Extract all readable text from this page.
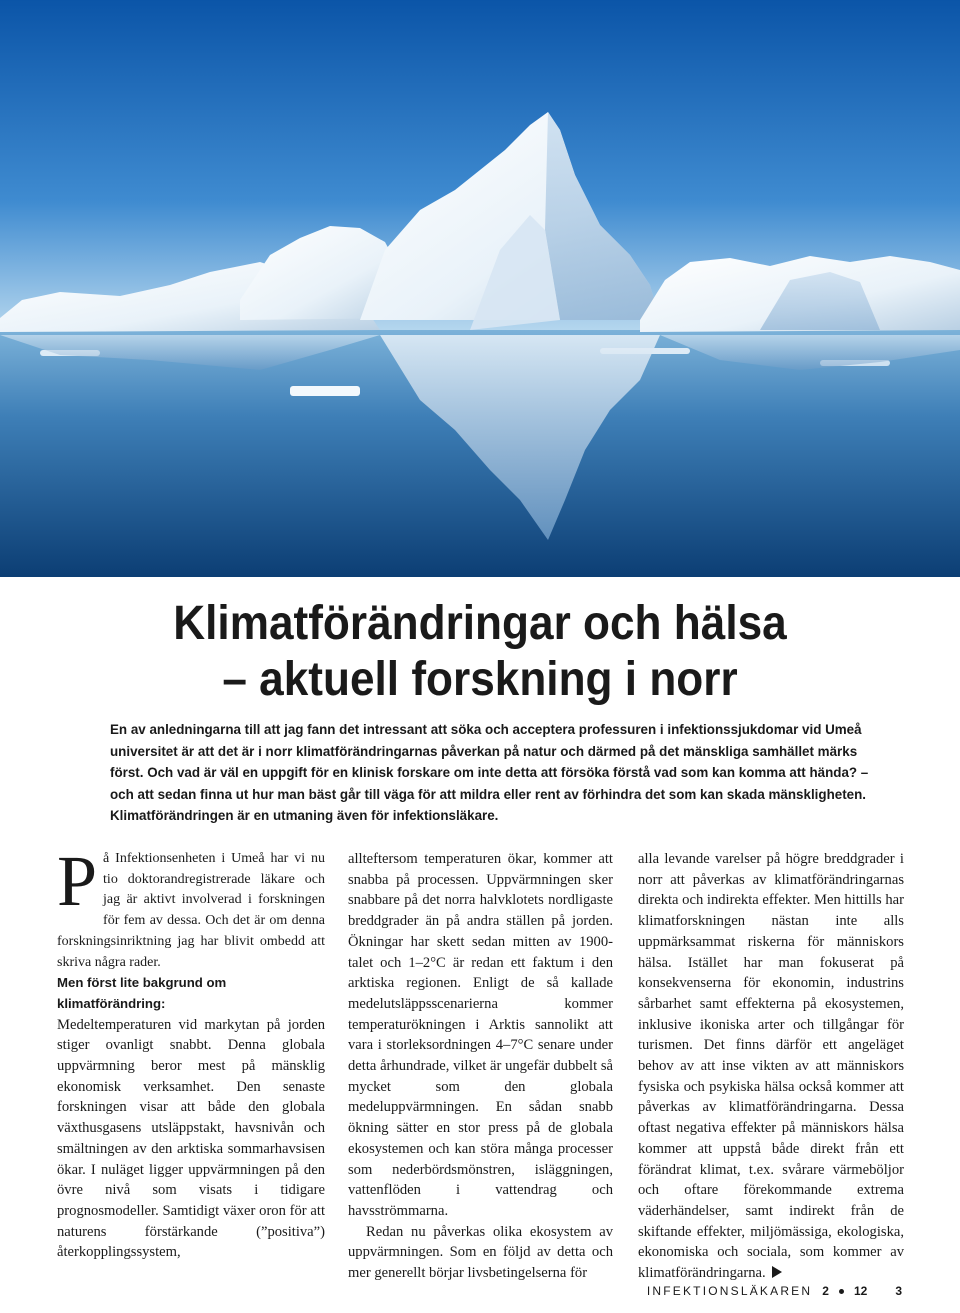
Klimatförändringar och hälsa
– aktuell forskning i norr

En av anledningarna till att jag fann det intressant att söka och acceptera professuren i infektionssjukdomar vid Umeå universitet är att det är i norr klimatförändringarnas påverkan på natur och därmed på det mänskliga samhället märks först. Och vad är väl en uppgift för en klinisk forskare om inte detta att försöka förstå vad som kan komma att hända? – och att sedan finna ut hur man bäst går till väga för att mildra eller rent av förhindra det som kan skada mänskligheten. Klimatförändringen är en utmaning även för infektionsläkare.

På Infektionsenheten i Umeå har vi nu tio doktorandregistrerade läkare och jag är aktivt involverad i forskningen för fem av dessa. Och det är om denna forskningsinriktning jag har blivit ombedd att skriva några rader.

Men först lite bakgrund om klimatförändring:

Medeltemperaturen vid markytan på jorden stiger ovanligt snabbt. Denna globala uppvärmning beror mest på mänsklig ekonomisk verksamhet. Den senaste forskningen visar att både den globala växthusgasens utsläppstakt, havsnivån och smältningen av den arktiska sommarhavsisen ökar. I nuläget ligger uppvärmningen på den övre nivå som visats i tidigare prognosmodeller. Samtidigt växer oron för att naturens förstärkande (”positiva”) återkopplingssystem,

allteftersom temperaturen ökar, kommer att snabba på processen. Uppvärmningen sker snabbare på det norra halvklotets nordligaste breddgrader än på andra ställen på jorden. Ökningar har skett sedan mitten av 1900-talet och 1–2°C är redan ett faktum i den arktiska regionen. Enligt de så kallade medelutsläppsscenarierna kommer temperaturökningen i Arktis sannolikt att vara i storleksordningen 4–7°C senare under detta århundrade, vilket är ungefär dubbelt så mycket som den globala medeluppvärmningen. En sådan snabb ökning sätter en stor press på de globala ekosystemen och kan störa många processer som nederbördsmönstren, isläggningen, vattenflöden i vattendrag och havsströmmarna.

Redan nu påverkas olika ekosystem av uppvärmningen. Som en följd av detta och mer generellt börjar livsbetingelserna för

alla levande varelser på högre breddgrader i norr att påverkas av klimatförändringarnas direkta och indirekta effekter. Men hittills har klimatforskningen nästan inte alls uppmärksammat riskerna för människors hälsa. Istället har man fokuserat på konsekvenserna för ekonomin, industrins sårbarhet samt effekterna på ekosystemen, inklusive ikoniska arter och tillgångar för turismen. Det finns därför ett angeläget behov av att inse vikten av att människors fysiska och psykiska hälsa också kommer att påverkas av klimatförändringarna. Dessa oftast negativa effekter på människors hälsa kommer att uppstå både direkt från ett förändrat klimat, t.ex. svårare värmeböljor och oftare förekommande extrema väderhändelser, samt indirekt från de skiftande effekter, miljömässiga, ekologiska, ekonomiska och sociala, som kommer av klimatförändringarna.

INFEKTIONSLÄKAREN 2 12 3
